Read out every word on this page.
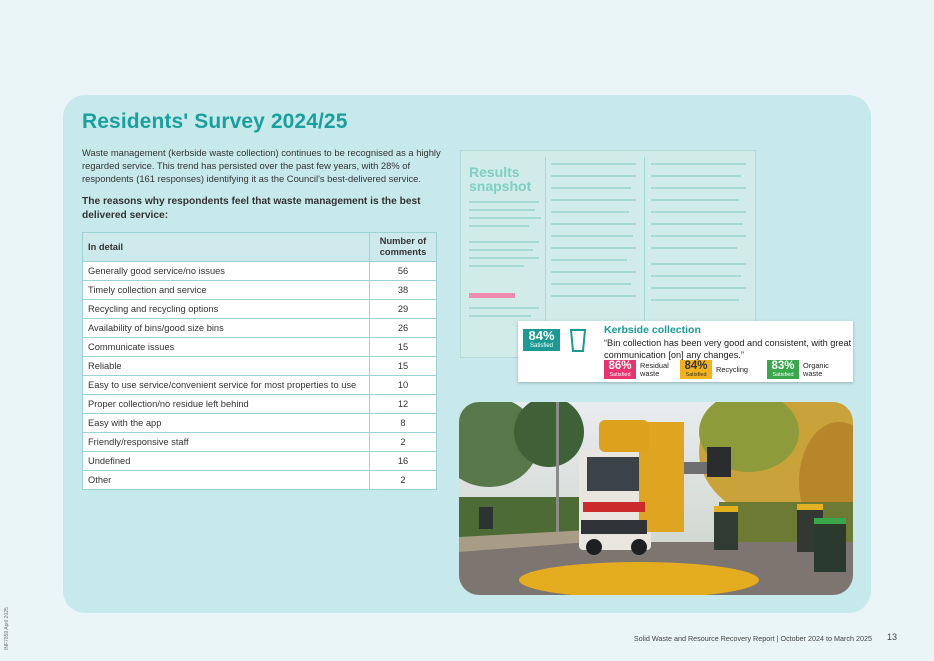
Residents' Survey 2024/25

Waste management (kerbside waste collection) continues to be recognised as a highly regarded service. This trend has persisted over the past few years, with 28% of respondents (161 responses) identifying it as the Council's best-delivered service.

The reasons why respondents feel that waste management is the best delivered service:

In detail	Number of comments
Generally good service/no issues	56
Timely collection and service	38
Recycling and recycling options	29
Availability of bins/good size bins	26
Communicate issues	15
Reliable	15
Easy to use service/convenient service for most properties to use	10
Proper collection/no residue left behind	12
Easy with the app	8
Friendly/responsive staff	2
Undefined	16
Other	2
Results snapshot
84%
Satisfied
Kerbside collection
“Bin collection has been very good and consistent, with great communication [on] any changes.”
86%
Satisfied
Residual waste
84%
Satisfied
Recycling	83%
Satisfied
Organic waste
INF7859 April 2025	Solid Waste and Resource Recovery Report | October 2024 to March 2025 13
